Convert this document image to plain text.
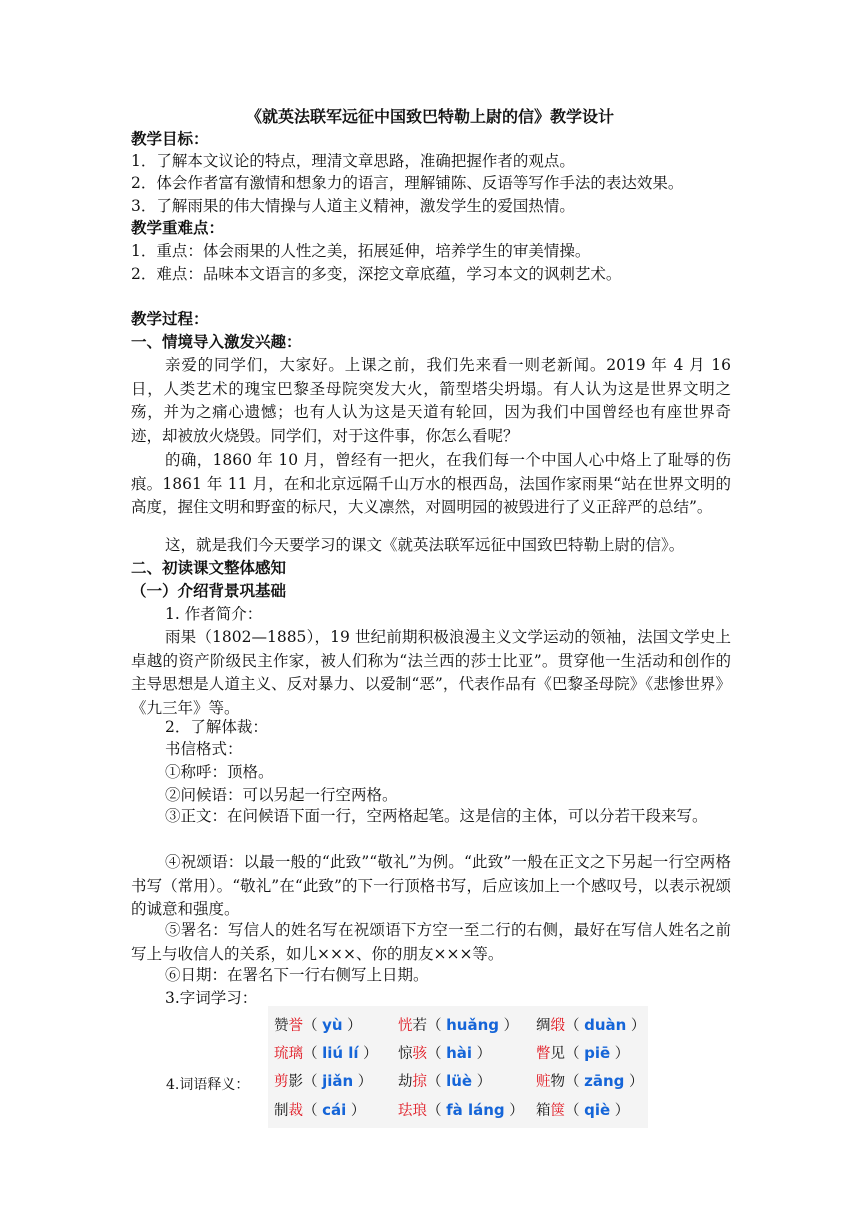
《就英法联军远征中国致巴特勒上尉的信》教学设计
教学目标：
1．了解本文议论的特点，理清文章思路，准确把握作者的观点。
2．体会作者富有激情和想象力的语言，理解铺陈、反语等写作手法的表达效果。
3．了解雨果的伟大情操与人道主义精神，激发学生的爱国热情。
教学重难点：
1．重点：体会雨果的人性之美，拓展延伸，培养学生的审美情操。
2．难点：品味本文语言的多变，深挖文章底蕴，学习本文的讽刺艺术。
教学过程：
一、情境导入激发兴趣：
亲爱的同学们，大家好。上课之前，我们先来看一则老新闻。2019 年 4 月 16 日，人类艺术的瑰宝巴黎圣母院突发大火，箭型塔尖坍塌。有人认为这是世界文明之殇，并为之痛心遗憾；也有人认为这是天道有轮回，因为我们中国曾经也有座世界奇迹，却被放火烧毁。同学们，对于这件事，你怎么看呢？
的确，1860 年 10 月，曾经有一把火，在我们每一个中国人心中烙上了耻辱的伤痕。1861 年 11 月，在和北京远隔千山万水的根西岛，法国作家雨果“站在世界文明的高度，握住文明和野蛮的标尺，大义凛然，对圆明园的被毁进行了义正辞严的总结”。
这，就是我们今天要学习的课文《就英法联军远征中国致巴特勒上尉的信》。
二、初读课文整体感知
（一）介绍背景巩基础
1. 作者简介：
雨果（1802—1885），19 世纪前期积极浪漫主义文学运动的领袖，法国文学史上卓越的资产阶级民主作家，被人们称为“法兰西的莎士比亚”。贯穿他一生活动和创作的主导思想是人道主义、反对暴力、以爱制“恶”，代表作品有《巴黎圣母院》《悲惨世界》《九三年》等。
2．了解体裁：
书信格式：
①称呼：顶格。
②问候语：可以另起一行空两格。
③正文：在问候语下面一行，空两格起笔。这是信的主体，可以分若干段来写。
④祝颂语：以最一般的“此致”“敬礼”为例。“此致”一般在正文之下另起一行空两格书写（常用）。“敬礼”在“此致”的下一行顶格书写，后应该加上一个感叹号，以表示祝颂的诚意和强度。
⑤署名：写信人的姓名写在祝颂语下方空一至二行的右侧，最好在写信人姓名之前写上与收信人的关系，如儿×××、你的朋友×××等。
⑥日期：在署名下一行右侧写上日期。
3.字词学习：
4.词语释义：
赞誉（ yù ）	恍若（ huǎng ） 绸缎（ duàn ）
琉璃（ liú lí ） 惊骇（ hài ）	瞥见（ piē ）
剪影（ jiǎn ） 劫掠（ lüè ）	赃物（ zāng ）
制裁（ cái ） 珐琅（ fà láng ） 箱箧（ qiè ）
